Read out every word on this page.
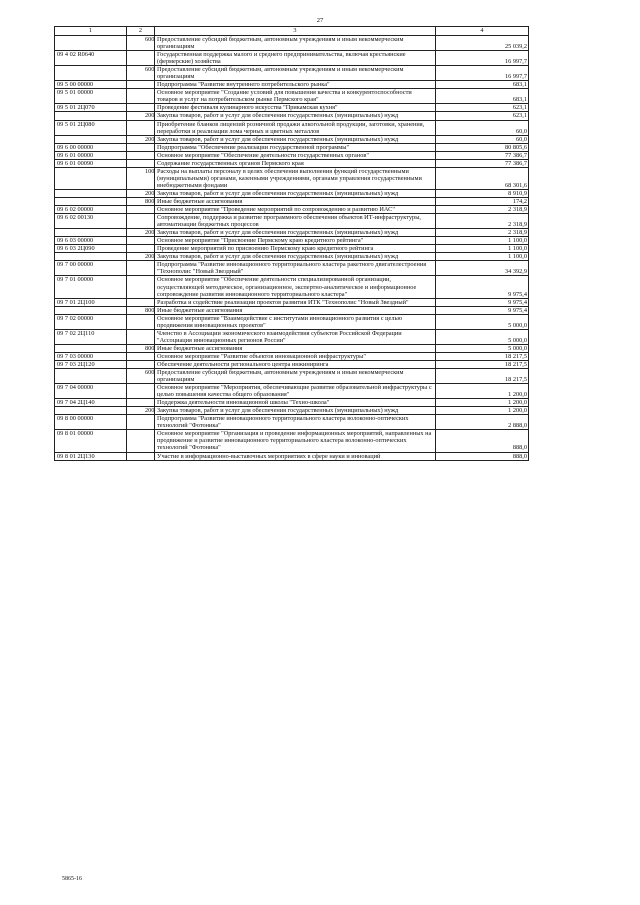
27
1	2	3	4
	600	Предоставление субсидий бюджетным, автономным учреждениям и иным некоммерческим организациям	25 039,2
09 4 02 R0640		Государственная поддержка малого и среднего предпринимательства, включая крестьянские (фермерские) хозяйства	16 997,7
	600	Предоставление субсидий бюджетным, автономным учреждениям и иным некоммерческим организациям	16 997,7
09 5 00 00000		Подпрограмма "Развитие внутреннего потребительского рынка"	683,1
09 5 01 00000		Основное мероприятие "Создание условий для повышения качества и конкурентоспособности товаров и услуг на потребительском рынке Пермского края"	683,1
09 5 01 2Ц070		Проведение фестиваля кулинарного искусства "Прикамская кухня"	623,1
	200	Закупка товаров, работ и услуг для обеспечения государственных (муниципальных) нужд	623,1
09 5 01 2Ц080		Приобретение бланков лицензий розничной продажи алкогольной продукции, заготовки, хранения, переработки и реализации лома черных и цветных металлов	60,0
	200	Закупка товаров, работ и услуг для обеспечения государственных (муниципальных) нужд	60,0
09 6 00 00000		Подпрограмма "Обеспечение реализации государственной программы"	80 805,6
09 6 01 00000		Основное мероприятие "Обеспечение деятельности государственных органов"	77 386,7
09 6 01 00090		Содержание государственных органов Пермского края	77 386,7
	100	Расходы на выплаты персоналу в целях обеспечения выполнения функций государственными (муниципальными) органами, казенными учреждениями, органами управления государственными внебюджетными фондами	68 301,6
	200	Закупка товаров, работ и услуг для обеспечения государственных (муниципальных) нужд	8 910,9
	800	Иные бюджетные ассигнования	174,2
09 6 02 00000		Основное мероприятие "Проведение мероприятий по сопровождению и развитию ИАС"	2 318,9
09 6 02 00130		Сопровождение, поддержка и развитие программного обеспечения объектов ИТ-инфраструктуры, автоматизации бюджетных процессов	2 318,9
	200	Закупка товаров, работ и услуг для обеспечения государственных (муниципальных) нужд	2 318,9
09 6 03 00000		Основное мероприятие "Присвоение Пермскому краю кредитного рейтинга"	1 100,0
09 6 03 2Ц090		Проведение мероприятий по присвоению Пермскому краю кредитного рейтинга	1 100,0
	200	Закупка товаров, работ и услуг для обеспечения государственных (муниципальных) нужд	1 100,0
09 7 00 00000		Подпрограмма "Развитие инновационного территориального кластера ракетного двигателестроения "Технополис "Новый Звездный"	34 392,9
09 7 01 00000		Основное мероприятие "Обеспечение деятельности специализированной организации, осуществляющей методическое, организационное, экспертно-аналитическое и информационное сопровождение развития инновационного территориального кластера"	9 975,4
09 7 01 2Ц100		Разработка и содействие реализации проектов развития ИТК "Технополис "Новый Звездный"	9 975,4
	800	Иные бюджетные ассигнования	9 975,4
09 7 02 00000		Основное мероприятие "Взаимодействие с институтами инновационного развития с целью продвижения инновационных проектов"	5 000,0
09 7 02 2Ц110		Членство в Ассоциации экономического взаимодействия субъектов Российской Федерации "Ассоциация инновационных регионов России"	5 000,0
	800	Иные бюджетные ассигнования	5 000,0
09 7 03 00000		Основное мероприятие "Развитие объектов инновационной инфраструктуры"	18 217,5
09 7 03 2Ц120		Обеспечение деятельности регионального центра инжиниринга	18 217,5
	600	Предоставление субсидий бюджетным, автономным учреждениям и иным некоммерческим организациям	18 217,5
09 7 04 00000		Основное мероприятие "Мероприятия, обеспечивающие развитие образовательной инфраструктуры с целью повышения качества общего образования"	1 200,0
09 7 04 2Ц140		Поддержка деятельности инновационной школы "Техно-школа"	1 200,0
	200	Закупка товаров, работ и услуг для обеспечения государственных (муниципальных) нужд	1 200,0
09 8 00 00000		Подпрограмма "Развитие инновационного территориального кластера волоконно-оптических технологий "Фотоника"	2 888,0
09 8 01 00000		Основное мероприятие "Организация и проведение информационных мероприятий, направленных на продвижение и развитие инновационного территориального кластера волоконно-оптических технологий "Фотоника"	888,0
09 8 01 2Ц130		Участие в информационно-выставочных мероприятиях в сфере науки и инноваций	888,0
5865-16
